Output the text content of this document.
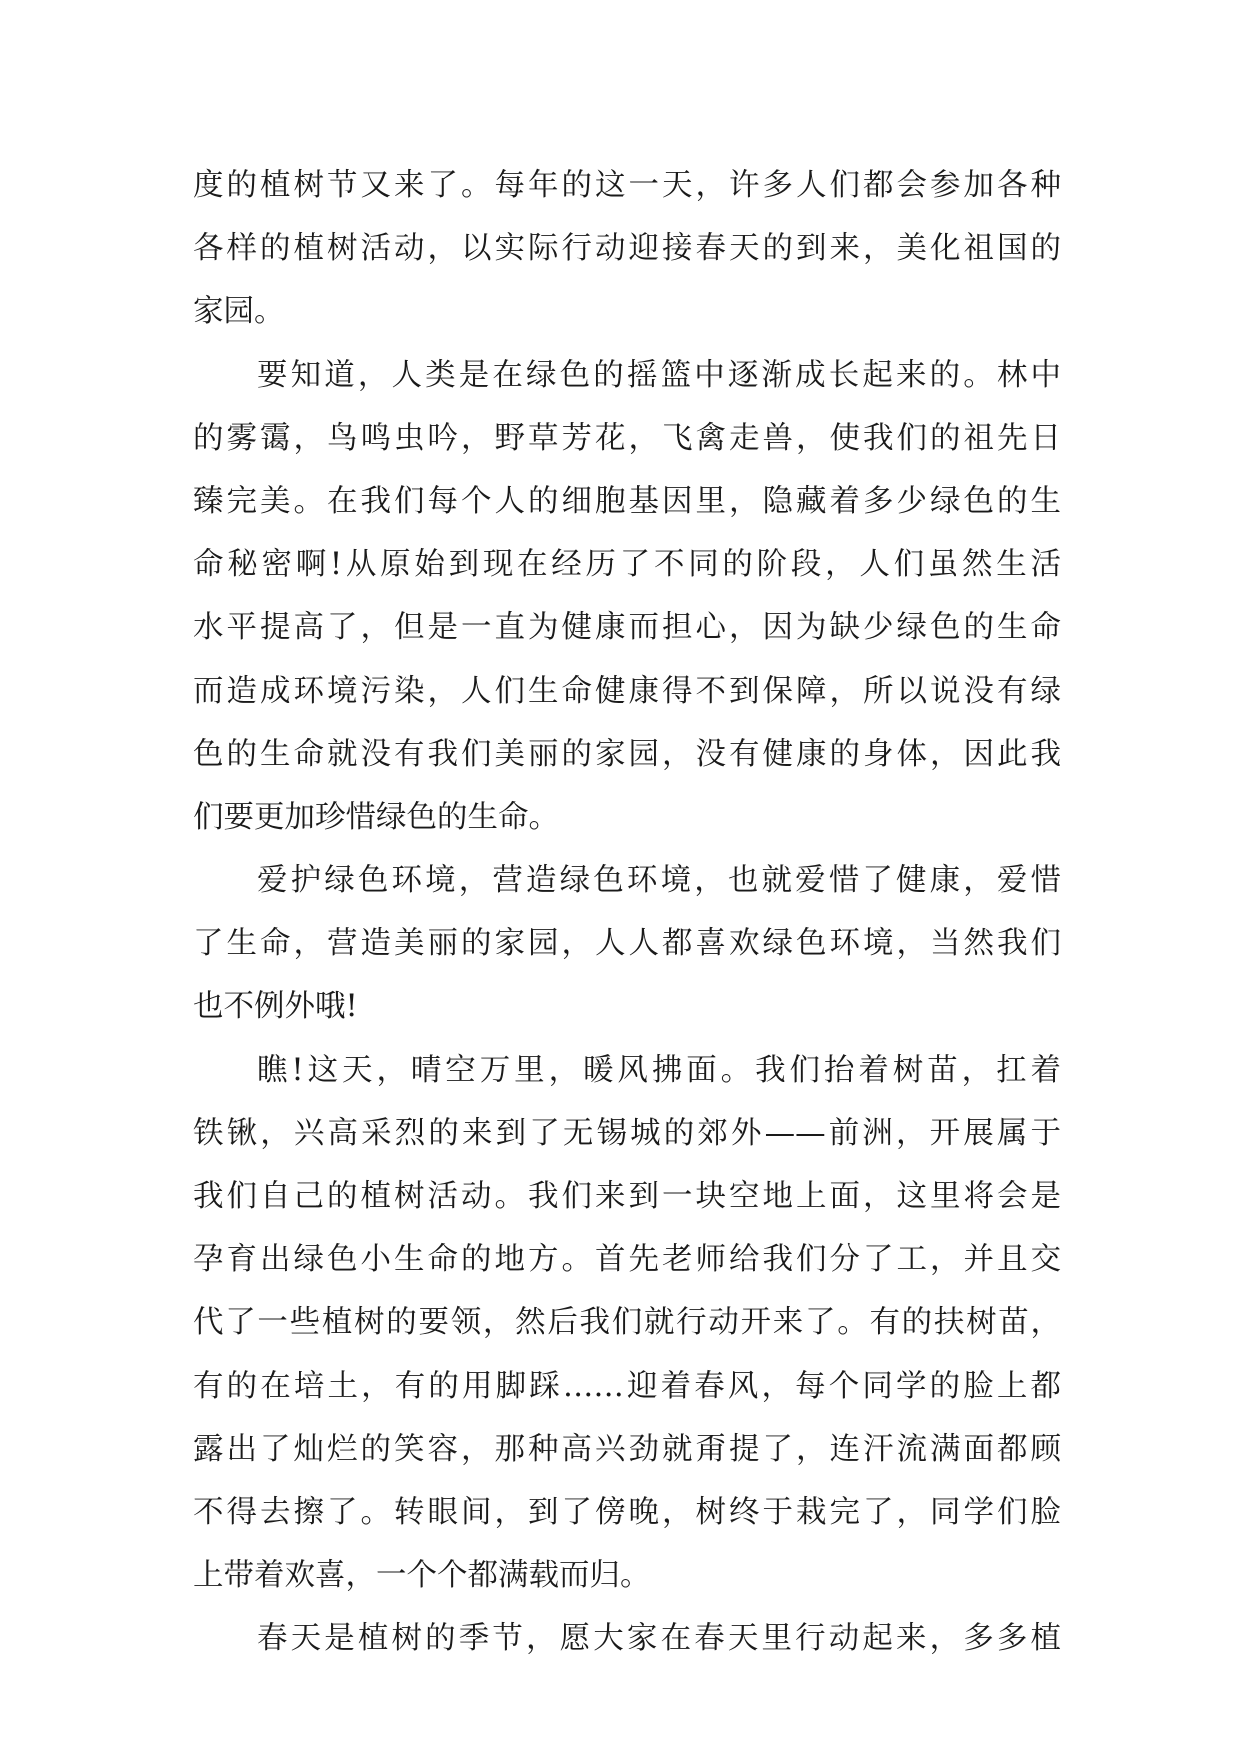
度的植树节又来了。每年的这一天，许多人们都会参加各种
各样的植树活动，以实际行动迎接春天的到来，美化祖国的
家园。
要知道，人类是在绿色的摇篮中逐渐成长起来的。林中
的雾霭，鸟鸣虫吟，野草芳花，飞禽走兽，使我们的祖先日
臻完美。在我们每个人的细胞基因里，隐藏着多少绿色的生
命秘密啊!从原始到现在经历了不同的阶段，人们虽然生活
水平提高了，但是一直为健康而担心，因为缺少绿色的生命
而造成环境污染，人们生命健康得不到保障，所以说没有绿
色的生命就没有我们美丽的家园，没有健康的身体，因此我
们要更加珍惜绿色的生命。
爱护绿色环境，营造绿色环境，也就爱惜了健康，爱惜
了生命，营造美丽的家园，人人都喜欢绿色环境，当然我们
也不例外哦!
瞧!这天，晴空万里，暖风拂面。我们抬着树苗，扛着
铁锹，兴高采烈的来到了无锡城的郊外——前洲，开展属于
我们自己的植树活动。我们来到一块空地上面，这里将会是
孕育出绿色小生命的地方。首先老师给我们分了工，并且交
代了一些植树的要领，然后我们就行动开来了。有的扶树苗，
有的在培土，有的用脚踩……迎着春风，每个同学的脸上都
露出了灿烂的笑容，那种高兴劲就甭提了，连汗流满面都顾
不得去擦了。转眼间，到了傍晚，树终于栽完了，同学们脸
上带着欢喜，一个个都满载而归。
春天是植树的季节，愿大家在春天里行动起来，多多植
